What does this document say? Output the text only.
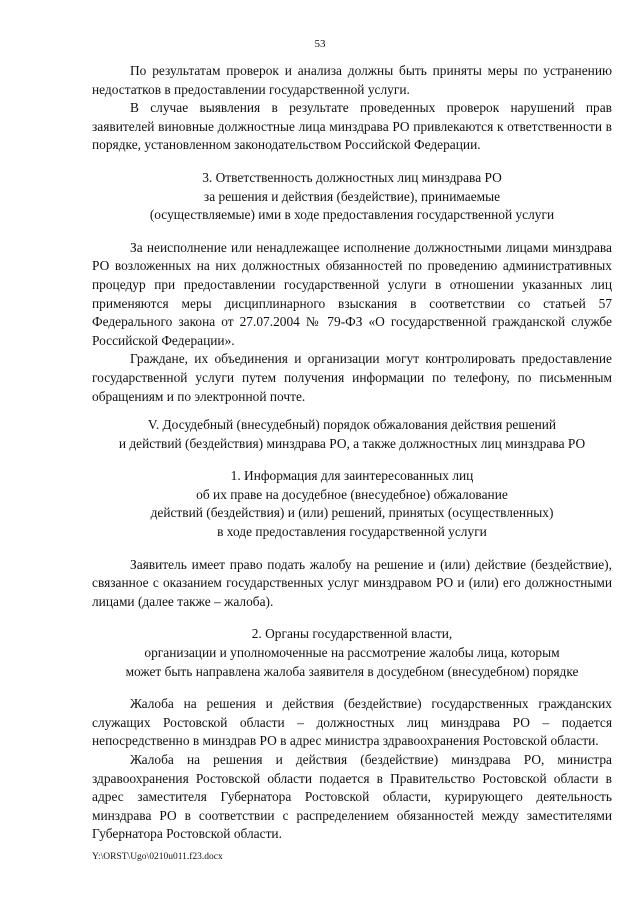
53

По результатам проверок и анализа должны быть приняты меры по устранению недостатков в предоставлении государственной услуги.

В случае выявления в результате проведенных проверок нарушений прав заявителей виновные должностные лица минздрава РО привлекаются к ответственности в порядке, установленном законодательством Российской Федерации.

3. Ответственность должностных лиц минздрава РО

за решения и действия (бездействие), принимаемые

(осуществляемые) ими в ходе предоставления государственной услуги

За неисполнение или ненадлежащее исполнение должностными лицами минздрава РО возложенных на них должностных обязанностей по проведению административных процедур при предоставлении государственной услуги в отношении указанных лиц применяются меры дисциплинарного взыскания в соответствии со статьей 57 Федерального закона от 27.07.2004 № 79-ФЗ «О государственной гражданской службе Российской Федерации».

Граждане, их объединения и организации могут контролировать предоставление государственной услуги путем получения информации по телефону, по письменным обращениям и по электронной почте.

V. Досудебный (внесудебный) порядок обжалования действия решений

и действий (бездействия) минздрава РО, а также должностных лиц минздрава РО

1. Информация для заинтересованных лиц

об их праве на досудебное (внесудебное) обжалование

действий (бездействия) и (или) решений, принятых (осуществленных)

в ходе предоставления государственной услуги

Заявитель имеет право подать жалобу на решение и (или) действие (бездействие), связанное с оказанием государственных услуг минздравом РО и (или) его должностными лицами (далее также – жалоба).

2. Органы государственной власти,

организации и уполномоченные на рассмотрение жалобы лица, которым

может быть направлена жалоба заявителя в досудебном (внесудебном) порядке

Жалоба на решения и действия (бездействие) государственных гражданских служащих Ростовской области – должностных лиц минздрава РО – подается непосредственно в минздрав РО в адрес министра здравоохранения Ростовской области.

Жалоба на решения и действия (бездействие) минздрава РО, министра здравоохранения Ростовской области подается в Правительство Ростовской области в адрес заместителя Губернатора Ростовской области, курирующего деятельность минздрава РО в соответствии с распределением обязанностей между заместителями Губернатора Ростовской области.

Y:\ORST\Ugo\0210u011.f23.docx
